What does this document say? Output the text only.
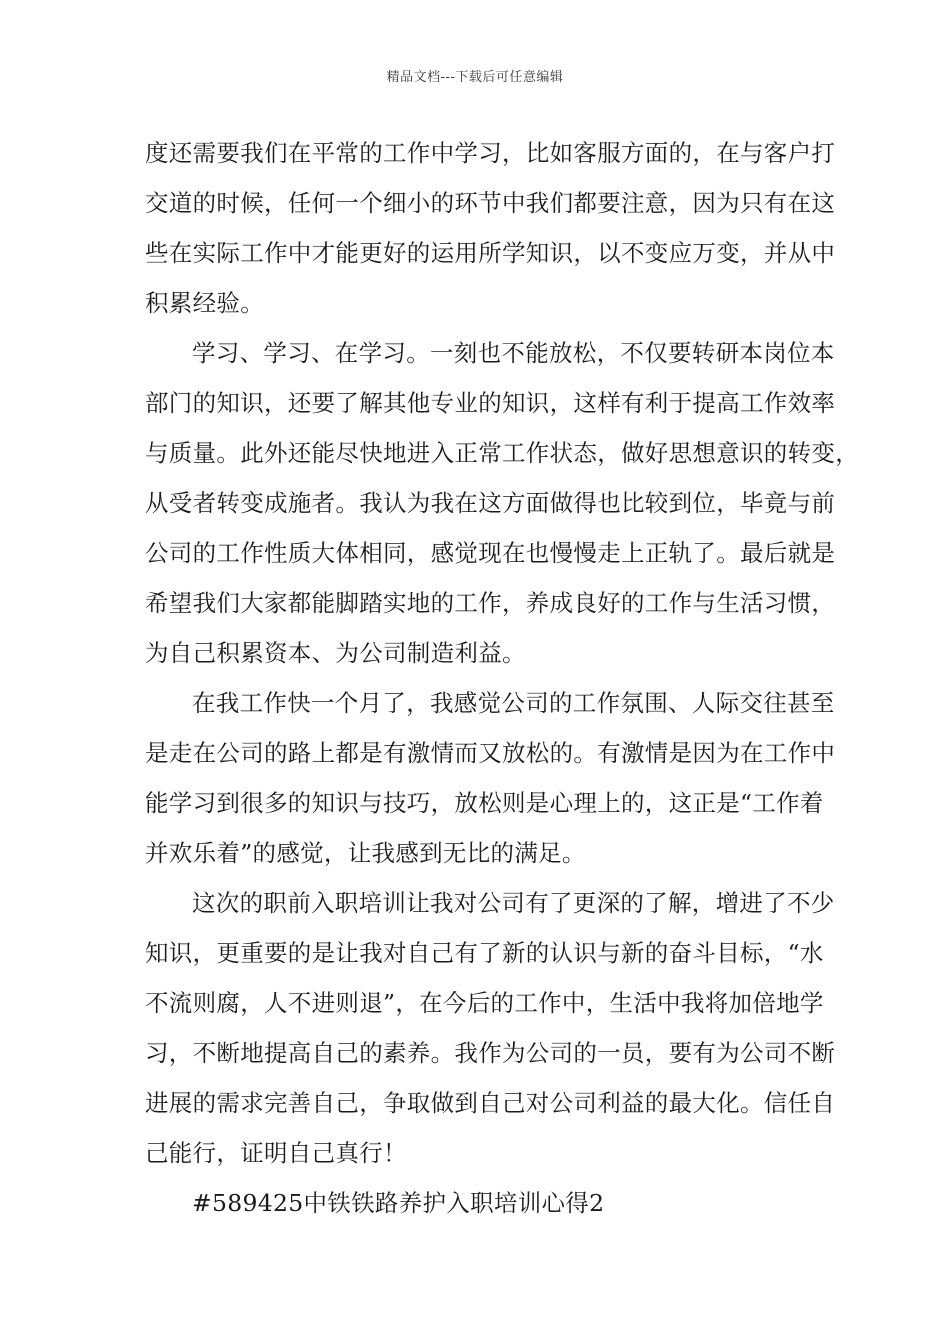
精品文档---下载后可任意编辑
度还需要我们在平常的工作中学习，比如客服方面的，在与客户打
交道的时候，任何一个细小的环节中我们都要注意，因为只有在这
些在实际工作中才能更好的运用所学知识，以不变应万变，并从中
积累经验。
学习、学习、在学习。一刻也不能放松，不仅要转研本岗位本
部门的知识，还要了解其他专业的知识，这样有利于提高工作效率
与质量。此外还能尽快地进入正常工作状态，做好思想意识的转变，
从受者转变成施者。我认为我在这方面做得也比较到位，毕竟与前
公司的工作性质大体相同，感觉现在也慢慢走上正轨了。最后就是
希望我们大家都能脚踏实地的工作，养成良好的工作与生活习惯，
为自己积累资本、为公司制造利益。
在我工作快一个月了，我感觉公司的工作氛围、人际交往甚至
是走在公司的路上都是有激情而又放松的。有激情是因为在工作中
能学习到很多的知识与技巧，放松则是心理上的，这正是“工作着
并欢乐着”的感觉，让我感到无比的满足。
这次的职前入职培训让我对公司有了更深的了解，增进了不少
知识，更重要的是让我对自己有了新的认识与新的奋斗目标，“水
不流则腐，人不进则退”，在今后的工作中，生活中我将加倍地学
习，不断地提高自己的素养。我作为公司的一员，要有为公司不断
进展的需求完善自己，争取做到自己对公司利益的最大化。信任自
己能行，证明自己真行！
#589425中铁铁路养护入职培训心得2
